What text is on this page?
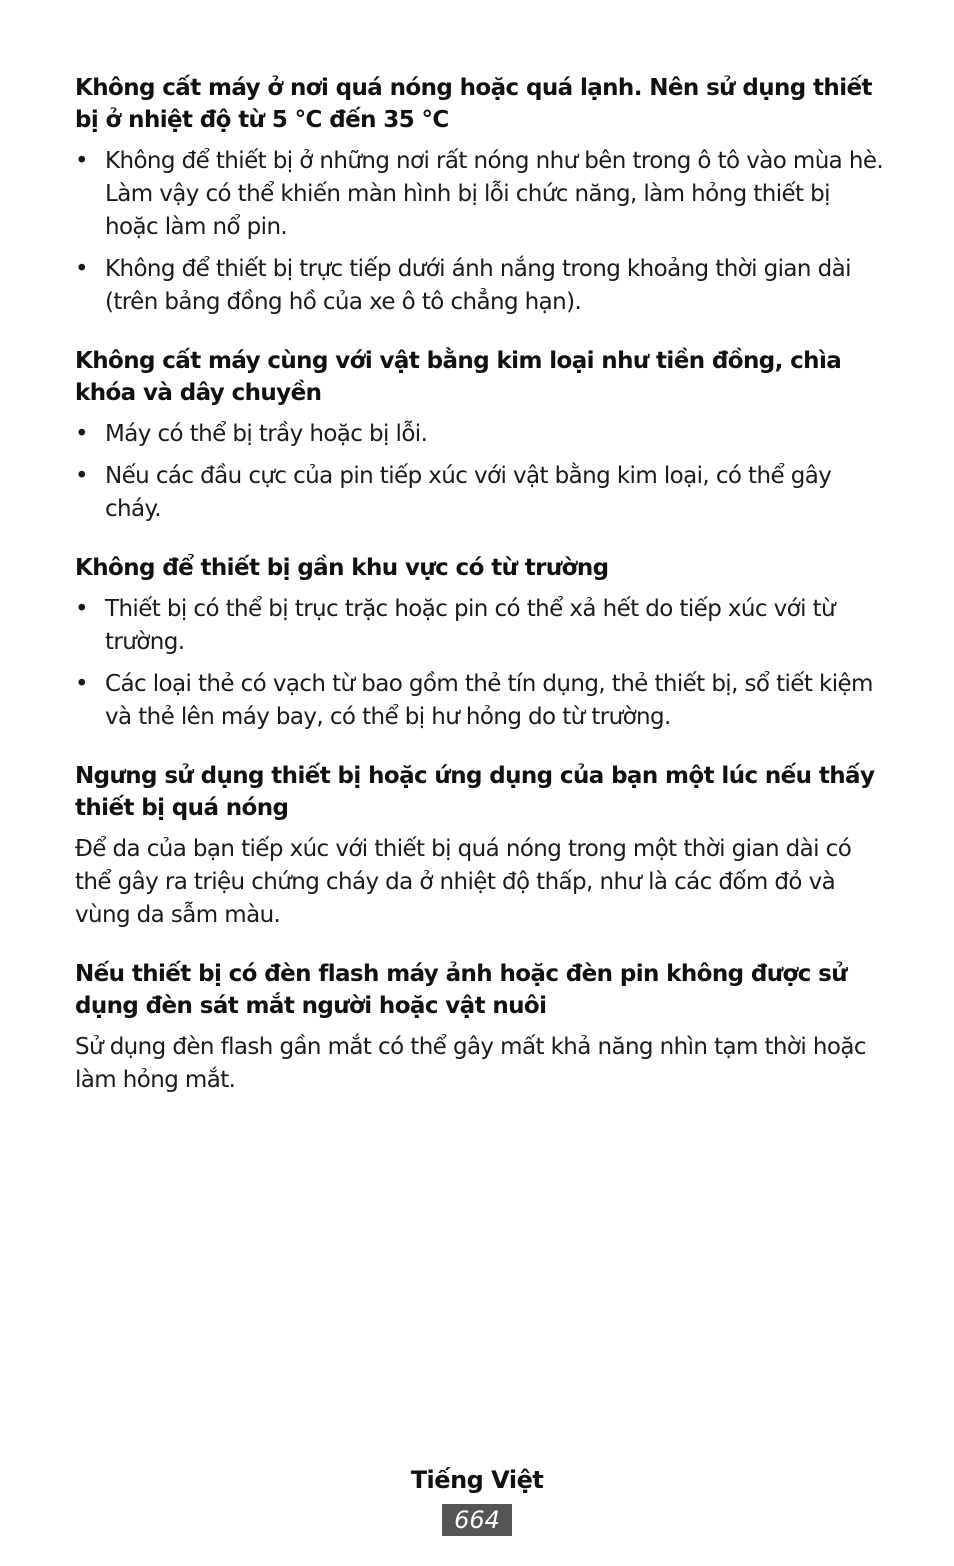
Không cất máy ở nơi quá nóng hoặc quá lạnh. Nên sử dụng thiết bị ở nhiệt độ từ 5 °C đến 35 °C
• Không để thiết bị ở những nơi rất nóng như bên trong ô tô vào mùa hè. Làm vậy có thể khiến màn hình bị lỗi chức năng, làm hỏng thiết bị hoặc làm nổ pin.
• Không để thiết bị trực tiếp dưới ánh nắng trong khoảng thời gian dài (trên bảng đồng hồ của xe ô tô chẳng hạn).
Không cất máy cùng với vật bằng kim loại như tiền đồng, chìa khóa và dây chuyền
• Máy có thể bị trầy hoặc bị lỗi.
• Nếu các đầu cực của pin tiếp xúc với vật bằng kim loại, có thể gây cháy.
Không để thiết bị gần khu vực có từ trường
• Thiết bị có thể bị trục trặc hoặc pin có thể xả hết do tiếp xúc với từ trường.
• Các loại thẻ có vạch từ bao gồm thẻ tín dụng, thẻ thiết bị, sổ tiết kiệm và thẻ lên máy bay, có thể bị hư hỏng do từ trường.
Ngưng sử dụng thiết bị hoặc ứng dụng của bạn một lúc nếu thấy thiết bị quá nóng

Để da của bạn tiếp xúc với thiết bị quá nóng trong một thời gian dài có thể gây ra triệu chứng cháy da ở nhiệt độ thấp, như là các đốm đỏ và vùng da sẫm màu.

Nếu thiết bị có đèn flash máy ảnh hoặc đèn pin không được sử dụng đèn sát mắt người hoặc vật nuôi

Sử dụng đèn flash gần mắt có thể gây mất khả năng nhìn tạm thời hoặc làm hỏng mắt.

Tiếng Việt
664
